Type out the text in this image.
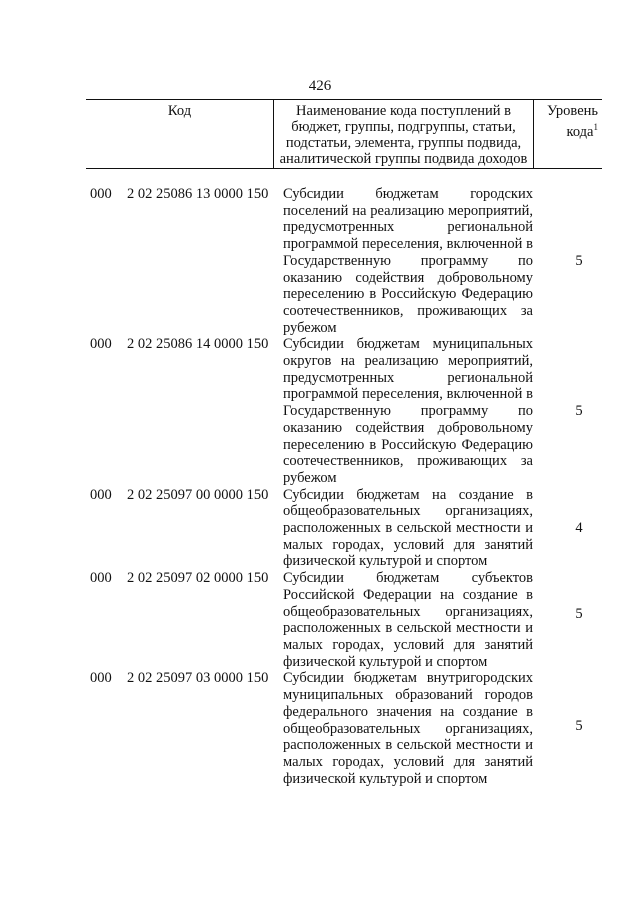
426
Код	Наименование кода поступлений в бюджет, группы, подгруппы, статьи, подстатьи, элемента, группы подвида, аналитической группы подвида доходов
Уровень кода$^1$
000 2 02 25086 13 0000 150 Субсидии бюджетам городских поселений на реализацию мероприятий, предусмотренных региональной программой переселения, включенной в Государственную программу по оказанию содействия добровольному переселению в Российскую Федерацию соотечественников, проживающих за рубежом
5
000 2 02 25086 14 0000 150 Субсидии бюджетам муниципальных округов на реализацию мероприятий, предусмотренных региональной программой переселения, включенной в Государственную программу по оказанию содействия добровольному переселению в Российскую Федерацию соотечественников, проживающих за рубежом
5
000 2 02 25097 00 0000 150 Субсидии бюджетам на создание в общеобразовательных организациях, расположенных в сельской местности и малых городах, условий для занятий физической культурой и спортом
4
000 2 02 25097 02 0000 150 Субсидии бюджетам субъектов Российской Федерации на создание в общеобразовательных организациях, расположенных в сельской местности и малых городах, условий для занятий физической культурой и спортом
5
000 2 02 25097 03 0000 150 Субсидии бюджетам внутригородских муниципальных образований городов федерального значения на создание в общеобразовательных организациях, расположенных в сельской местности и малых городах, условий для занятий физической культурой и спортом
5
